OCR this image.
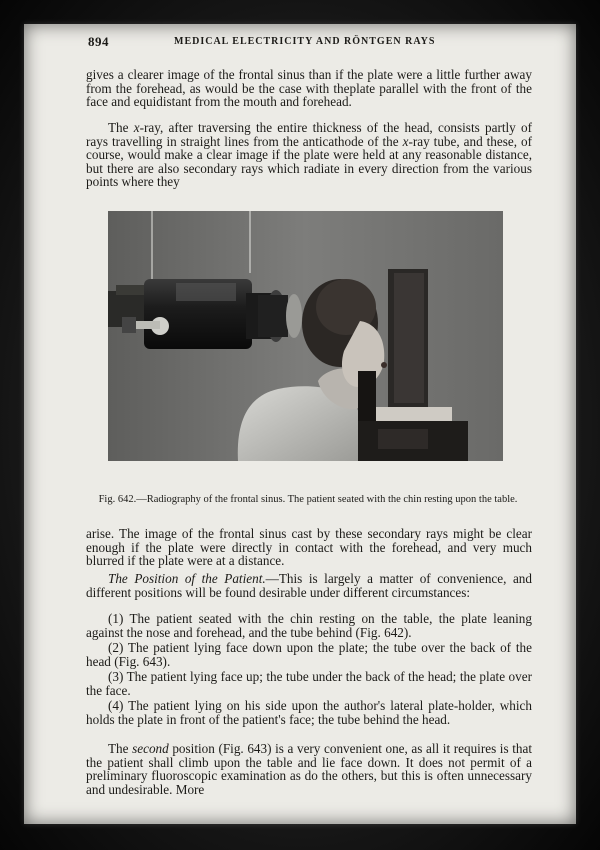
894	MEDICAL ELECTRICITY AND RÖNTGEN RAYS

gives a clearer image of the frontal sinus than if the plate were a little further away from the forehead, as would be the case with theplate parallel with the front of the face and equidistant from the mouth and forehead.

The x-ray, after traversing the entire thickness of the head, consists partly of rays travelling in straight lines from the anticathode of the x-ray tube, and these, of course, would make a clear image if the plate were held at any reasonable distance, but there are also secondary rays which radiate in every direction from the various points where they

Fig. 642.—Radiography of the frontal sinus. The patient seated with the chin resting upon the table.

arise. The image of the frontal sinus cast by these secondary rays might be clear enough if the plate were directly in contact with the forehead, and very much blurred if the plate were at a distance.

The Position of the Patient.—This is largely a matter of convenience, and different positions will be found desirable under different circumstances:

(1) The patient seated with the chin resting on the table, the plate leaning against the nose and forehead, and the tube behind (Fig. 642).

(2) The patient lying face down upon the plate; the tube over the back of the head (Fig. 643).

(3) The patient lying face up; the tube under the back of the head; the plate over the face.

(4) The patient lying on his side upon the author's lateral plate-holder, which holds the plate in front of the patient's face; the tube behind the head.

The second position (Fig. 643) is a very convenient one, as all it requires is that the patient shall climb upon the table and lie face down. It does not permit of a preliminary fluoroscopic examination as do the others, but this is often unnecessary and undesirable. More
